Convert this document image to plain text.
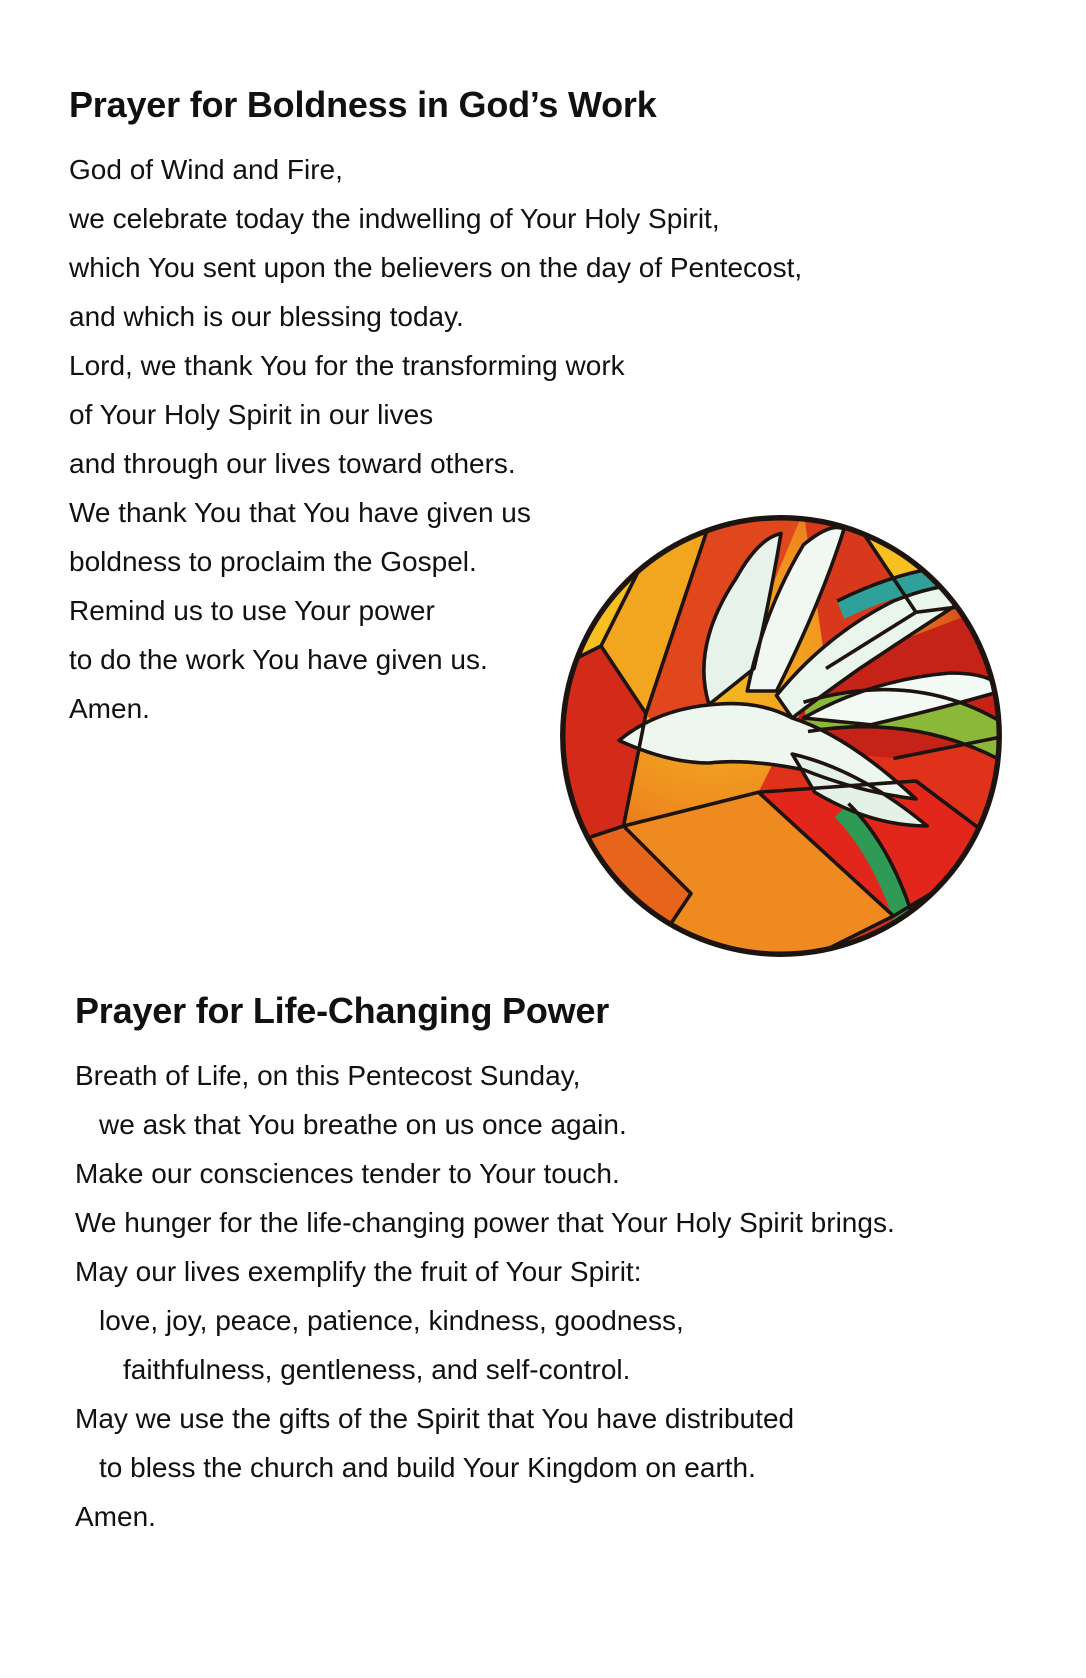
Prayer for Boldness in God’s Work
God of Wind and Fire,
we celebrate today the indwelling of Your Holy Spirit,
which You sent upon the believers on the day of Pentecost,
and which is our blessing today.
Lord, we thank You for the transforming work
of Your Holy Spirit in our lives
and through our lives toward others.
We thank You that You have given us
boldness to proclaim the Gospel.
Remind us to use Your power
to do the work You have given us.
Amen.
Prayer for Life-Changing Power
Breath of Life, on this Pentecost Sunday,
we ask that You breathe on us once again.
Make our consciences tender to Your touch.
We hunger for the life-changing power that Your Holy Spirit brings.
May our lives exemplify the fruit of Your Spirit:
love, joy, peace, patience, kindness, goodness,
faithfulness, gentleness, and self-control.
May we use the gifts of the Spirit that You have distributed
to bless the church and build Your Kingdom on earth.
Amen.
